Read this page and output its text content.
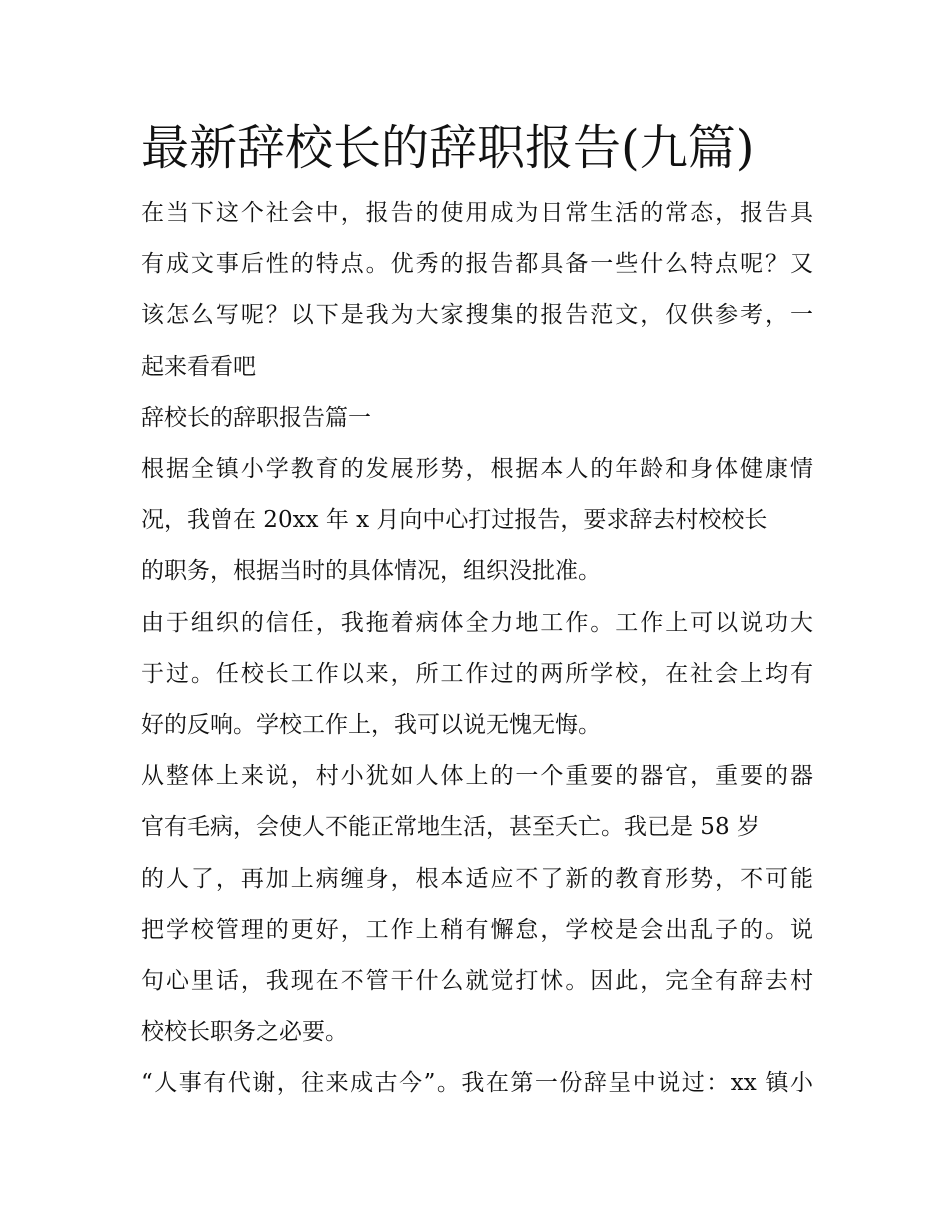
最新辞校长的辞职报告(九篇)

在当下这个社会中，报告的使用成为日常生活的常态，报告具

有成文事后性的特点。优秀的报告都具备一些什么特点呢？又

该怎么写呢？以下是我为大家搜集的报告范文，仅供参考，一

起来看看吧

辞校长的辞职报告篇一

根据全镇小学教育的发展形势，根据本人的年龄和身体健康情

况，我曾在 20xx 年 x 月向中心打过报告，要求辞去村校校长

的职务，根据当时的具体情况，组织没批准。

由于组织的信任，我拖着病体全力地工作。工作上可以说功大

于过。任校长工作以来，所工作过的两所学校，在社会上均有

好的反响。学校工作上，我可以说无愧无悔。

从整体上来说，村小犹如人体上的一个重要的器官，重要的器

官有毛病，会使人不能正常地生活，甚至夭亡。我已是 58 岁

的人了，再加上病缠身，根本适应不了新的教育形势，不可能

把学校管理的更好，工作上稍有懈怠，学校是会出乱子的。说

句心里话，我现在不管干什么就觉打怵。因此，完全有辞去村

校校长职务之必要。

“人事有代谢，往来成古今”。我在第一份辞呈中说过：xx 镇小
